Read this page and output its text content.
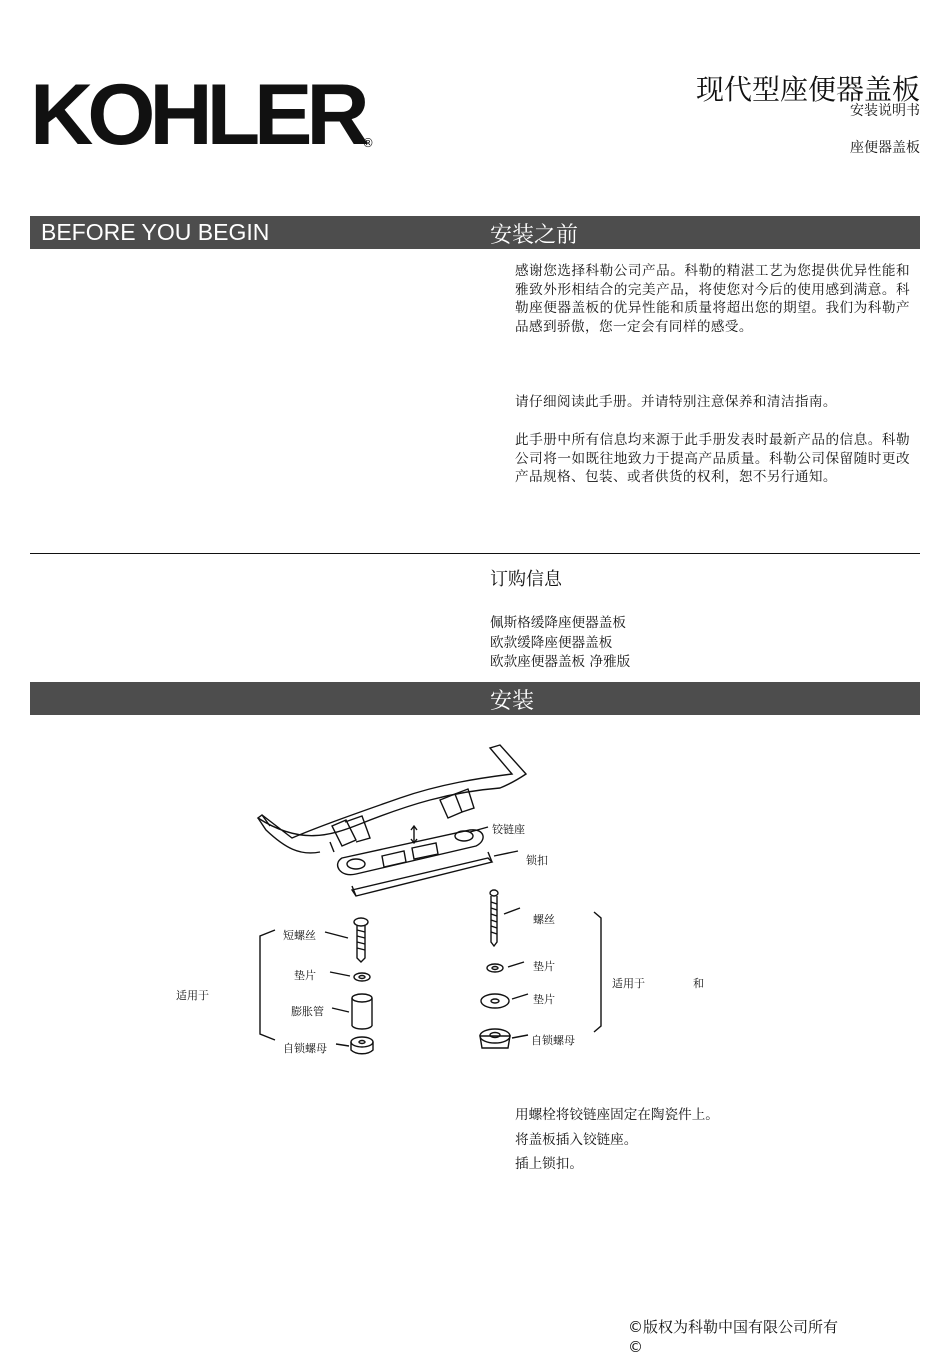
KOHLER
®
现代型座便器盖板
安装说明书
座便器盖板
BEFORE YOU BEGIN	安装之前
感谢您选择科勒公司产品。科勒的精湛工艺为您提供优异性能和雅致外形相结合的完美产品，将使您对今后的使用感到满意。科勒座便器盖板的优异性能和质量将超出您的期望。我们为科勒产品感到骄傲，您一定会有同样的感受。
请仔细阅读此手册。并请特别注意保养和清洁指南。
此手册中所有信息均来源于此手册发表时最新产品的信息。科勒公司将一如既往地致力于提高产品质量。科勒公司保留随时更改产品规格、包装、或者供货的权利，恕不另行通知。
订购信息
佩斯格缓降座便器盖板
欧款缓降座便器盖板
欧款座便器盖板 净雅版
安装
铰链座
锁扣
螺丝
短螺丝
垫片
膨胀管
自锁螺母
垫片
垫片
自锁螺母
适用于
适用于	和
用螺栓将铰链座固定在陶瓷件上。
将盖板插入铰链座。
插上锁扣。
©版权为科勒中国有限公司所有
©
